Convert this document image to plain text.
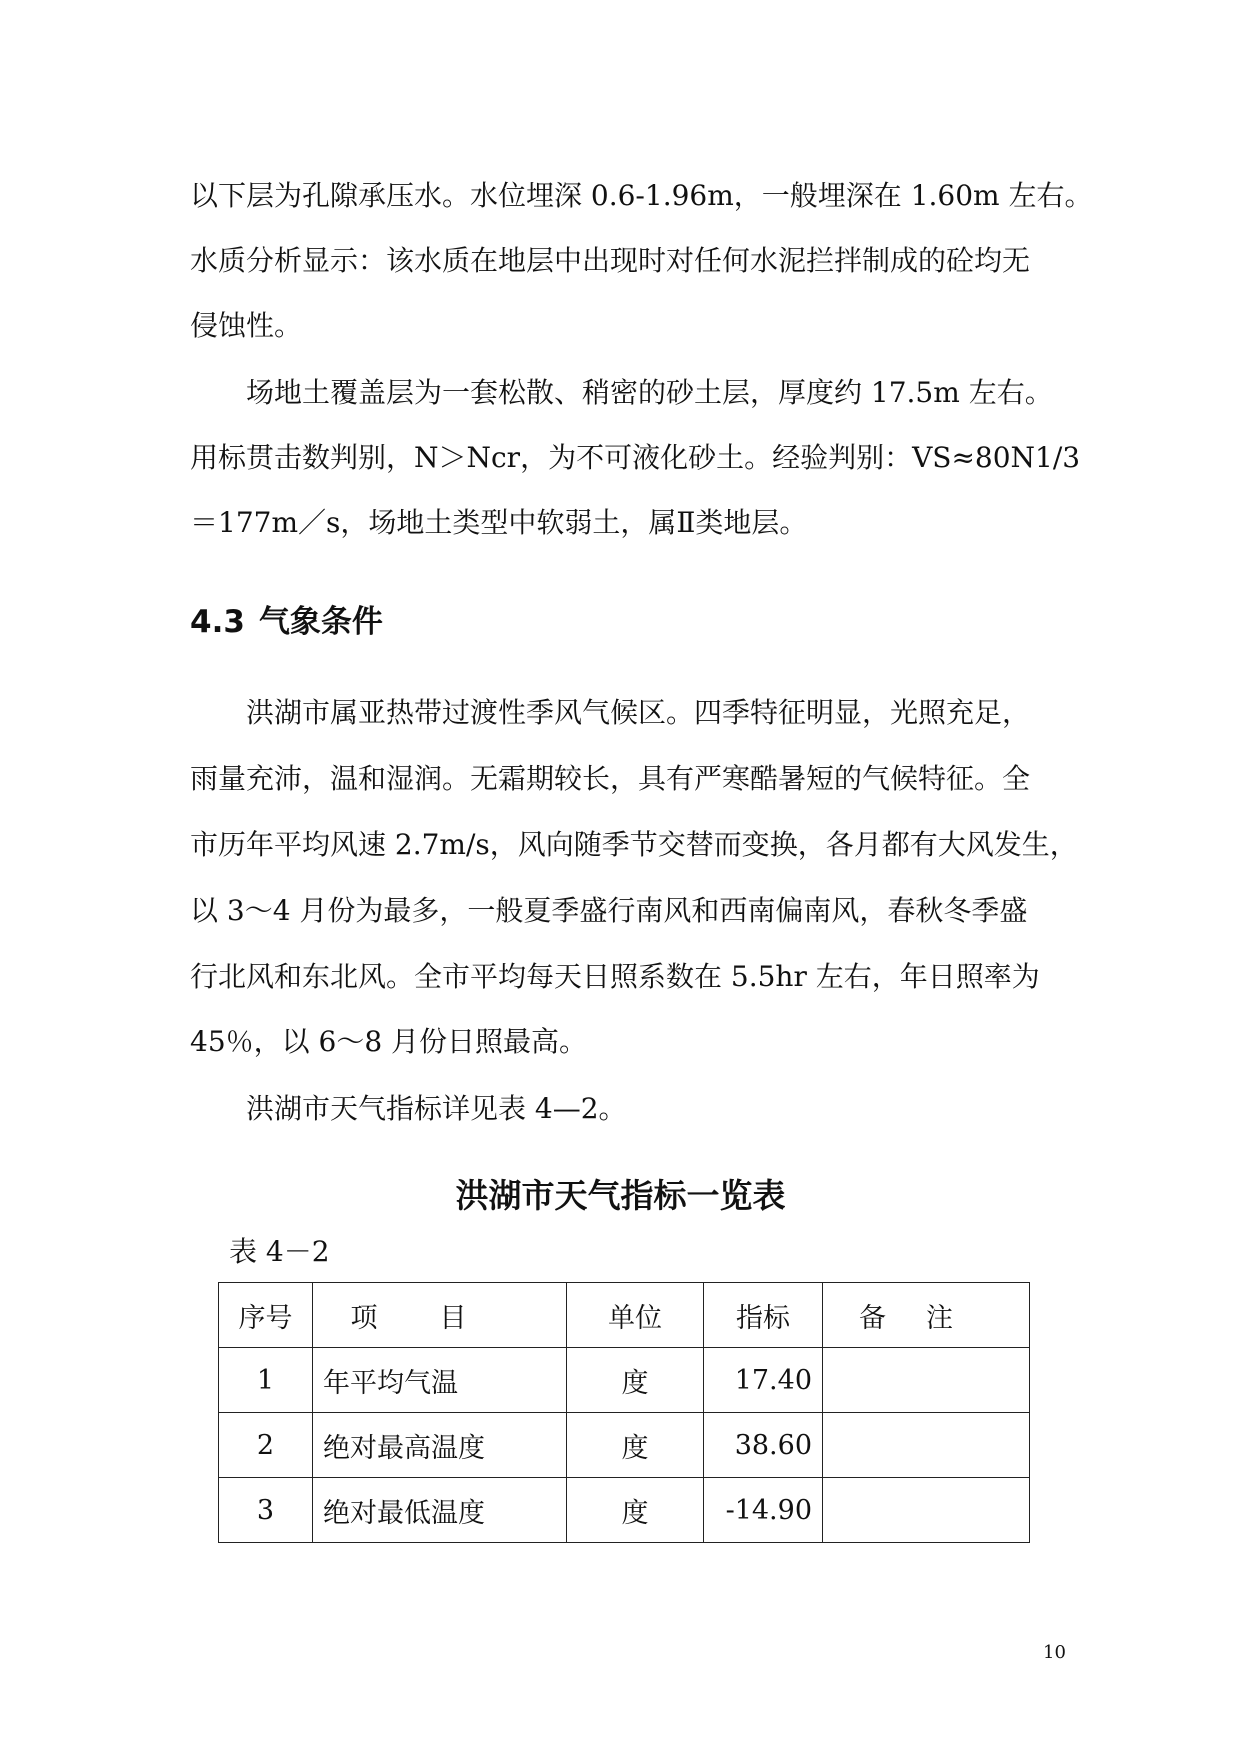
以下层为孔隙承压水。水位埋深 0.6-1.96m，一般埋深在 1.60m 左右。
水质分析显示：该水质在地层中出现时对任何水泥拦拌制成的砼均无
侵蚀性。
场地土覆盖层为一套松散、稍密的砂土层，厚度约 17.5m 左右。
用标贯击数判别，N＞Ncr，为不可液化砂土。经验判别：VS≈80N1/3
＝177m／s，场地土类型中软弱土，属Ⅱ类地层。
4.3 气象条件
洪湖市属亚热带过渡性季风气候区。四季特征明显，光照充足，
雨量充沛，温和湿润。无霜期较长，具有严寒酷暑短的气候特征。全
市历年平均风速 2.7m/s，风向随季节交替而变换，各月都有大风发生，
以 3～4 月份为最多，一般夏季盛行南风和西南偏南风，春秋冬季盛
行北风和东北风。全市平均每天日照系数在 5.5hr 左右，年日照率为
45％，以 6～8 月份日照最高。
洪湖市天气指标详见表 4—2。
洪湖市天气指标一览表
表 4－2
序号	项目	单位	指标	备注
1	年平均气温	度	17.40	
2	绝对最高温度	度	38.60	
3	绝对最低温度	度	-14.90	
10
